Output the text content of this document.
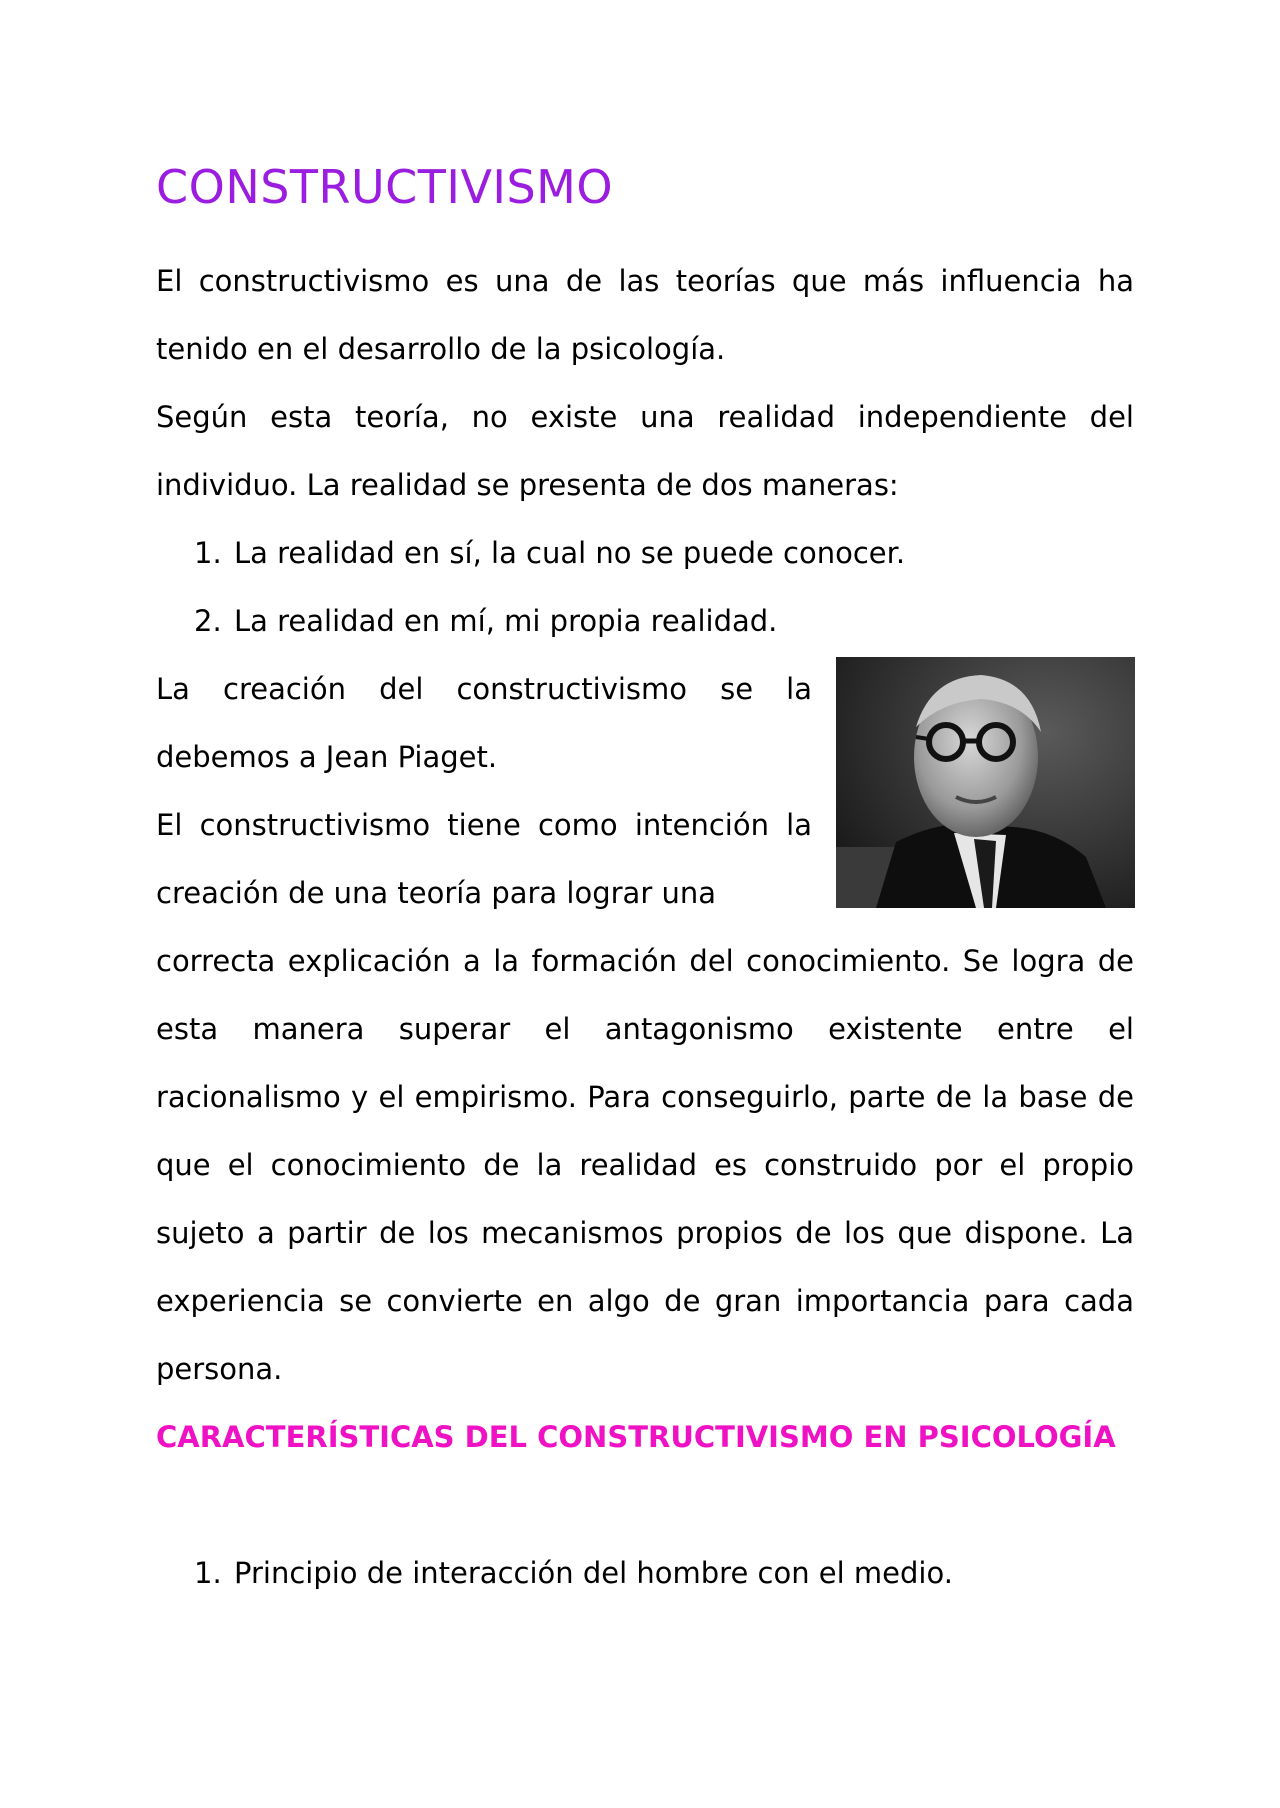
CONSTRUCTIVISMO

El constructivismo es una de las teorías que más influencia ha tenido en el desarrollo de la psicología.

Según esta teoría, no existe una realidad independiente del individuo. La realidad se presenta de dos maneras:

1. La realidad en sí, la cual no se puede conocer.
2. La realidad en mí, mi propia realidad.

La creación del constructivismo se la debemos a Jean Piaget.

El constructivismo tiene como intención la creación de una teoría para lograr una

correcta explicación a la formación del conocimiento. Se logra de esta manera superar el antagonismo existente entre el racionalismo y el empirismo. Para conseguirlo, parte de la base de que el conocimiento de la realidad es construido por el propio sujeto a partir de los mecanismos propios de los que dispone. La experiencia se convierte en algo de gran importancia para cada persona.

CARACTERÍSTICAS DEL CONSTRUCTIVISMO EN PSICOLOGÍA
1. Principio de interacción del hombre con el medio.
